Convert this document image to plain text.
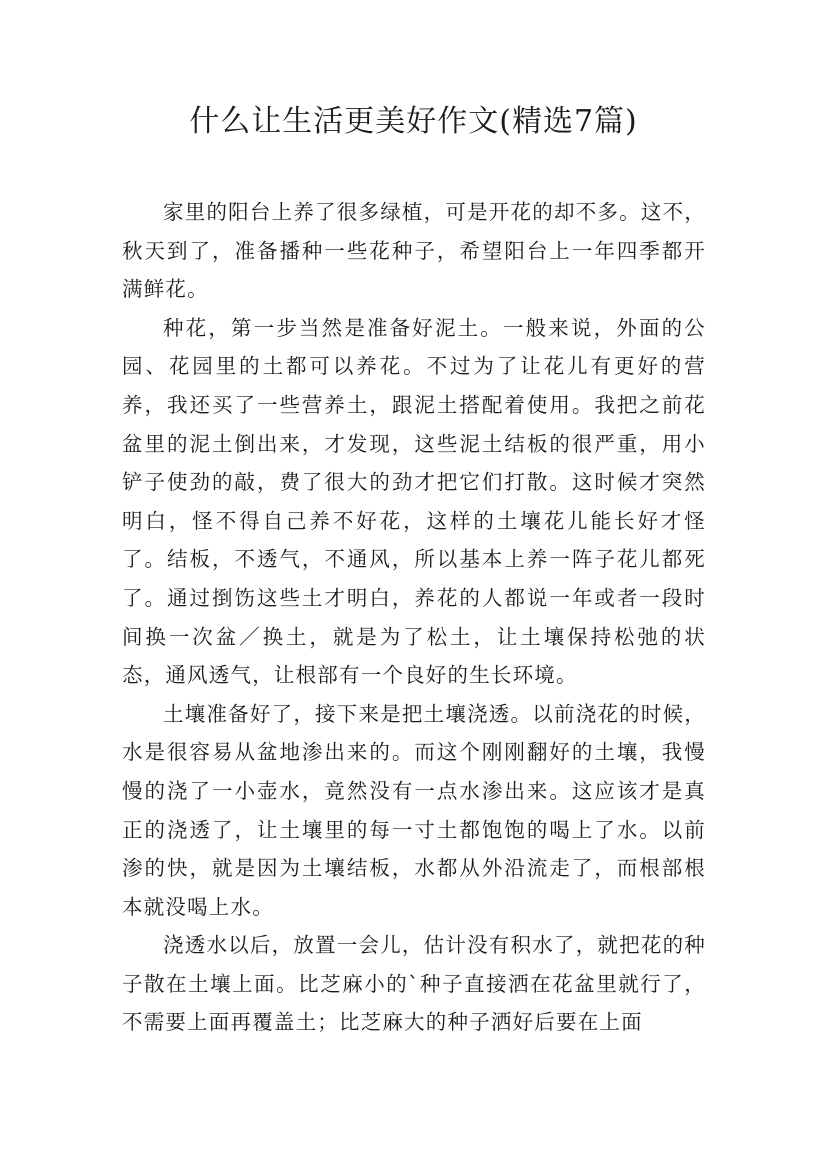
什么让生活更美好作文(精选7篇)

家里的阳台上养了很多绿植，可是开花的却不多。这不，秋天到了，准备播种一些花种子，希望阳台上一年四季都开满鲜花。

种花，第一步当然是准备好泥土。一般来说，外面的公园、花园里的土都可以养花。不过为了让花儿有更好的营养，我还买了一些营养土，跟泥土搭配着使用。我把之前花盆里的泥土倒出来，才发现，这些泥土结板的很严重，用小铲子使劲的敲，费了很大的劲才把它们打散。这时候才突然明白，怪不得自己养不好花，这样的土壤花儿能长好才怪了。结板，不透气，不通风，所以基本上养一阵子花儿都死了。通过捯饬这些土才明白，养花的人都说一年或者一段时间换一次盆／换土，就是为了松土，让土壤保持松弛的状态，通风透气，让根部有一个良好的生长环境。

土壤准备好了，接下来是把土壤浇透。以前浇花的时候，水是很容易从盆地渗出来的。而这个刚刚翻好的土壤，我慢慢的浇了一小壶水，竟然没有一点水渗出来。这应该才是真正的浇透了，让土壤里的每一寸土都饱饱的喝上了水。以前渗的快，就是因为土壤结板，水都从外沿流走了，而根部根本就没喝上水。

浇透水以后，放置一会儿，估计没有积水了，就把花的种子散在土壤上面。比芝麻小的`种子直接洒在花盆里就行了，不需要上面再覆盖土；比芝麻大的种子洒好后要在上面
